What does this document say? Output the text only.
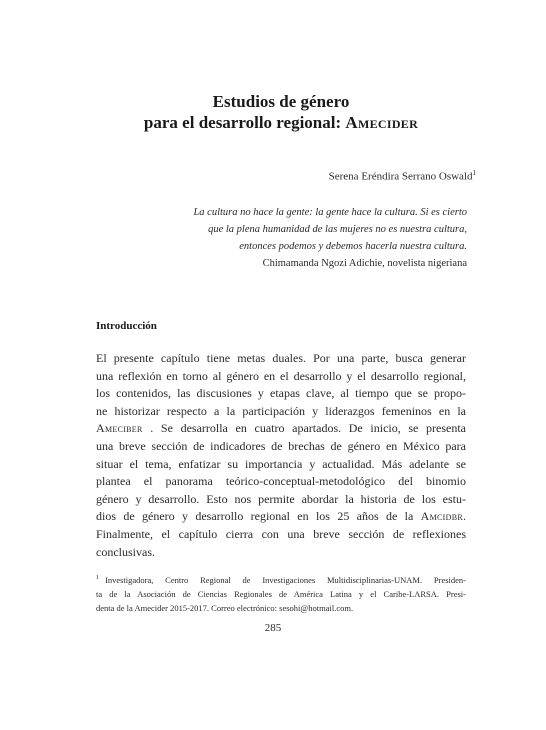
Estudios de género
para el desarrollo regional: Amecider
Serena Eréndira Serrano Oswald$^1$
La cultura no hace la gente: la gente hace la cultura. Si es cierto
que la plena humanidad de las mujeres no es nuestra cultura,
entonces podemos y debemos hacerla nuestra cultura.
Chimamanda Ngozi Adichie, novelista nigeriana
Introducción
El presente capítulo tiene metas duales. Por una parte, busca generar
una reflexión en torno al género en el desarrollo y el desarrollo regional,
los contenidos, las discusiones y etapas clave, al tiempo que se propo-
ne historizar respecto a la participación y liderazgos femeninos en la
Ameciber . Se desarrolla en cuatro apartados. De inicio, se presenta
una breve sección de indicadores de brechas de género en México para
situar el tema, enfatizar su importancia y actualidad. Más adelante se
plantea el panorama teórico-conceptual-metodológico del binomio
género y desarrollo. Esto nos permite abordar la historia de los estu-
dios de género y desarrollo regional en los 25 años de la Amcidbr.
Finalmente, el capítulo cierra con una breve sección de reflexiones
conclusivas.
$^1$ Investigadora, Centro Regional de Investigaciones Multidisciplinarias-UNAM. Presiden-
ta de la Asociación de Ciencias Regionales de América Latina y el Caribe-LARSA. Presi-
denta de la Amecider 2015-2017. Correo electrónico: sesohi@hotmail.com.
285
